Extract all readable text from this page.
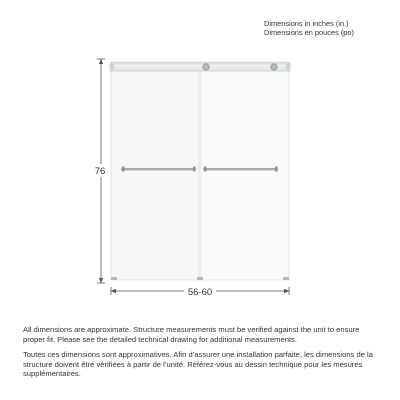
Dimensions in inches (in.)
Dimensions en pouces (po)
76
56-60

All dimensions are approximate. Structure measurements must be verified against the unit to ensure proper fit. Please see the detailed technical drawing for additional measurements.

Toutes ces dimensions sont approximatives. Afin d’assurer une installation parfaite, les dimensions de la structure doivent être vérifiées à partir de l’unité. Référez-vous au dessin technique pour les mesures supplémentaires.
